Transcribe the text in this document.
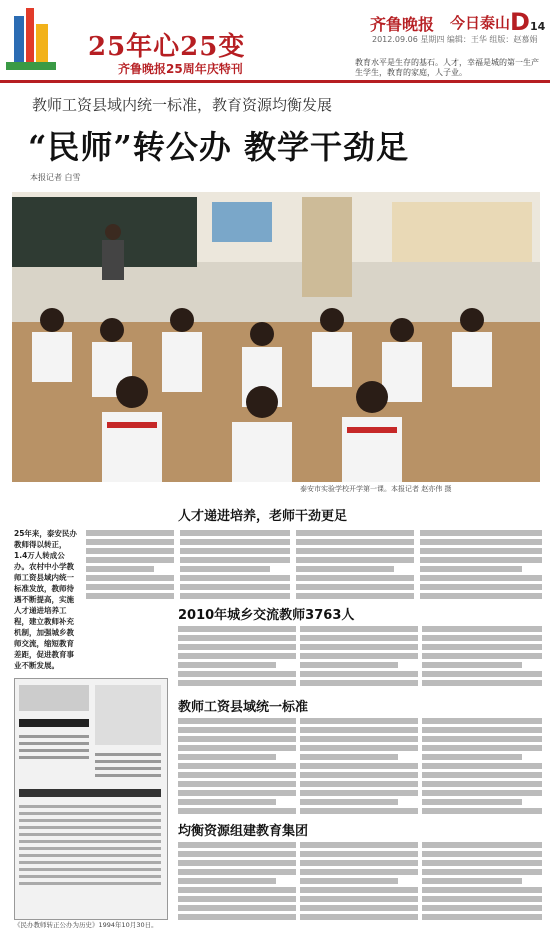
25年心25变
齐鲁晚报25周年庆特刊
齐鲁晚报 今日泰山 D 14
2012.09.06 星期四 编辑：王华 组版：赵慕娟
教育水平是生存的基石。人才，幸福是城的第一生产生学生，教育的家庭，人子业。
教师工资县域内统一标准，教育资源均衡发展
“民师”转公办 教学干劲足
本报记者 白雪
泰安市实验学校开学第一课。本报记者 赵亦伟 摄
人才递进培养，老师干劲更足
25年来，泰安民办教师得以转正，1.4万人转成公办。农村中小学教师工资县域内统一标准发放，教师待遇不断提高，实施人才递进培养工程，建立教师补充机制，加强城乡教师交流，缩短教育差距，促进教育事业不断发展。
2010年城乡交流教师3763人
《民办教师转正公办为历史》1994年10月30日。
教师工资县域统一标准
均衡资源组建教育集团
